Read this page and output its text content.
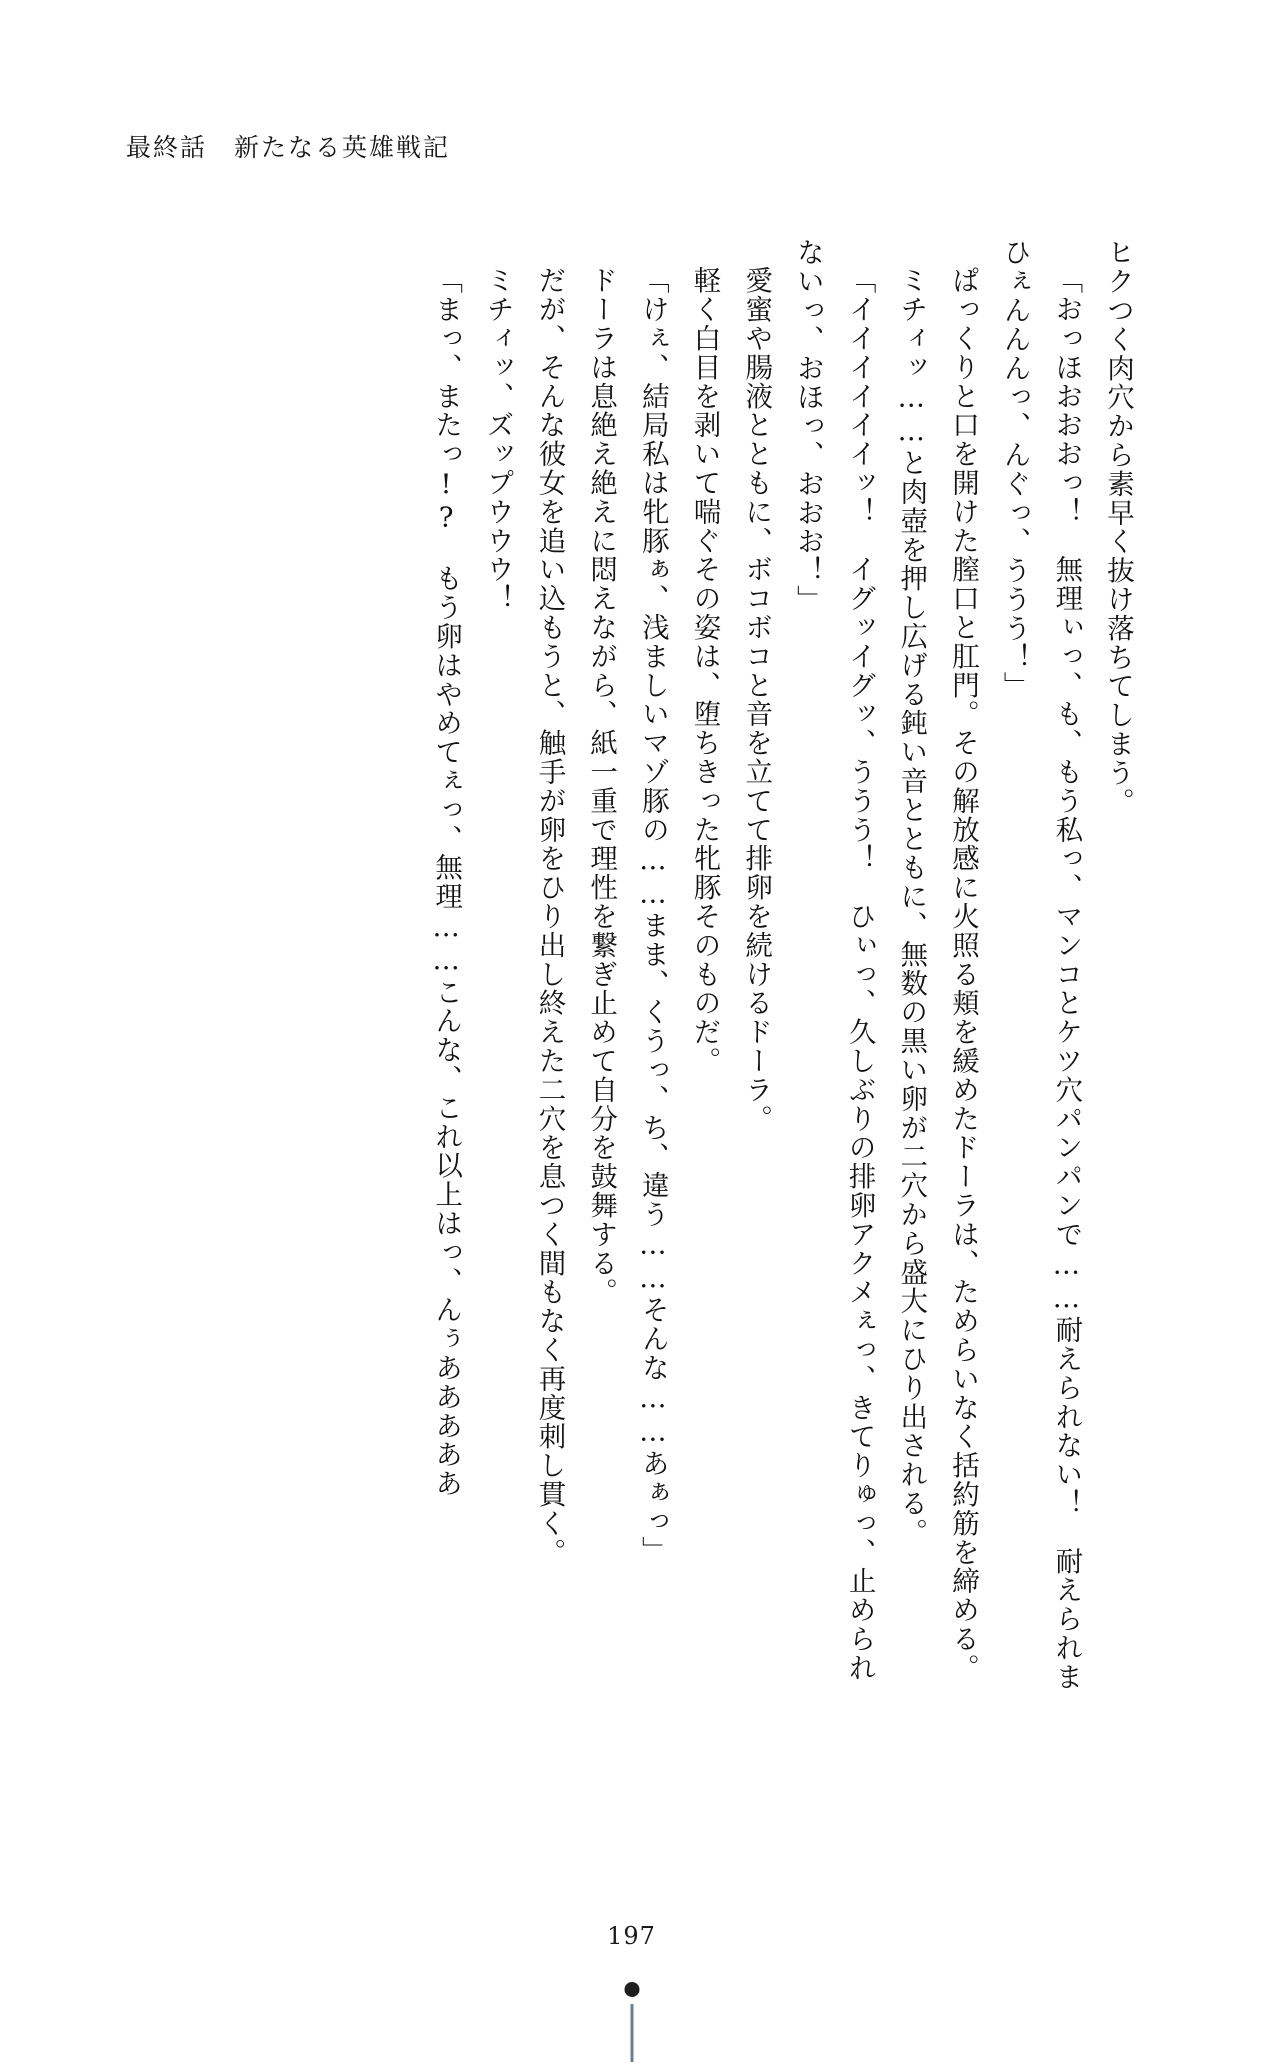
最終話　新たなる英雄戦記

ヒクつく肉穴から素早く抜け落ちてしまう。

「おっほおおおっ！　無理ぃっ、も、もう私っ、マンコとケツ穴パンパンで……耐えられない！　耐えられまひぇんんんっ、んぐっ、ううう！」

ぱっくりと口を開けた膣口と肛門。その解放感に火照る頬を緩めたドーラは、ためらいなく括約筋を締める。

ミチィッ……と肉壺を押し広げる鈍い音とともに、無数の黒い卵が二穴から盛大にひり出される。

「イイイイイイッ！　イグッイグッ、ううう！　ひぃっ、久しぶりの排卵アクメぇっ、きてりゅっ、止められないっ、おほっ、おおお！」

愛蜜や腸液とともに、ボコボコと音を立てて排卵を続けるドーラ。

軽く白目を剥いて喘ぐその姿は、堕ちきった牝豚そのものだ。

「けぇ、結局私は牝豚ぁ、浅ましいマゾ豚の……まま、くうっ、ち、違う……そんな……あぁっ」

ドーラは息絶え絶えに悶えながら、紙一重で理性を繋ぎ止めて自分を鼓舞する。

だが、そんな彼女を追い込もうと、触手が卵をひり出し終えた二穴を息つく間もなく再度刺し貫く。

ミチィッ、ズップウウウ！

「まっ、またっ!?　もう卵はやめてぇっ、無理……こんな、これ以上はっ、んぅあああああ

197
